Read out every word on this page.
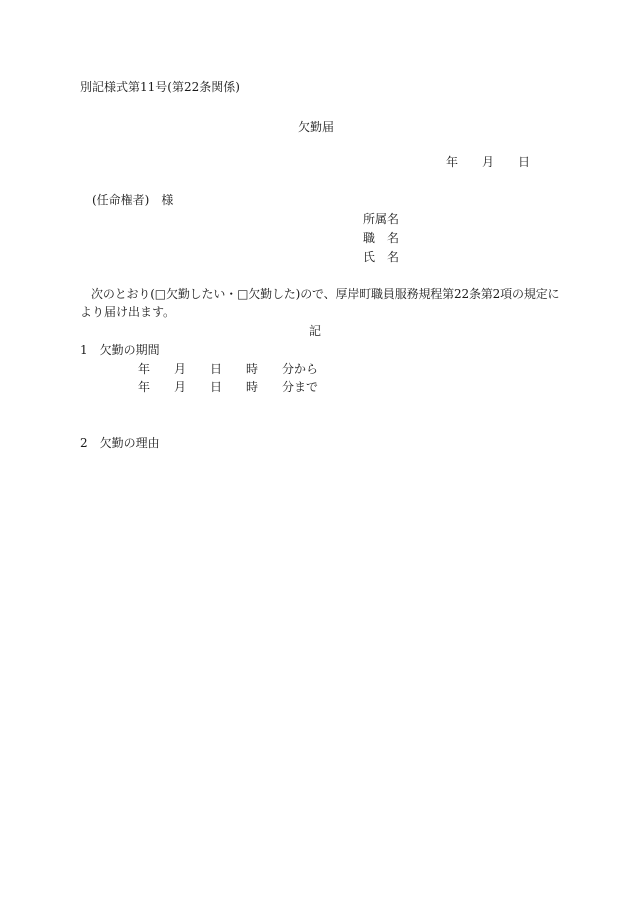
別記様式第11号(第22条関係)
欠勤届
年　　月　　日
(任命権者)　様
所属名
職　名
氏　名
次のとおり(□欠勤したい・□欠勤した)ので、厚岸町職員服務規程第22条第2項の規定に
より届け出ます。
記
1　欠勤の期間
年　　月　　日　　時　　分から
年　　月　　日　　時　　分まで
2　欠勤の理由
